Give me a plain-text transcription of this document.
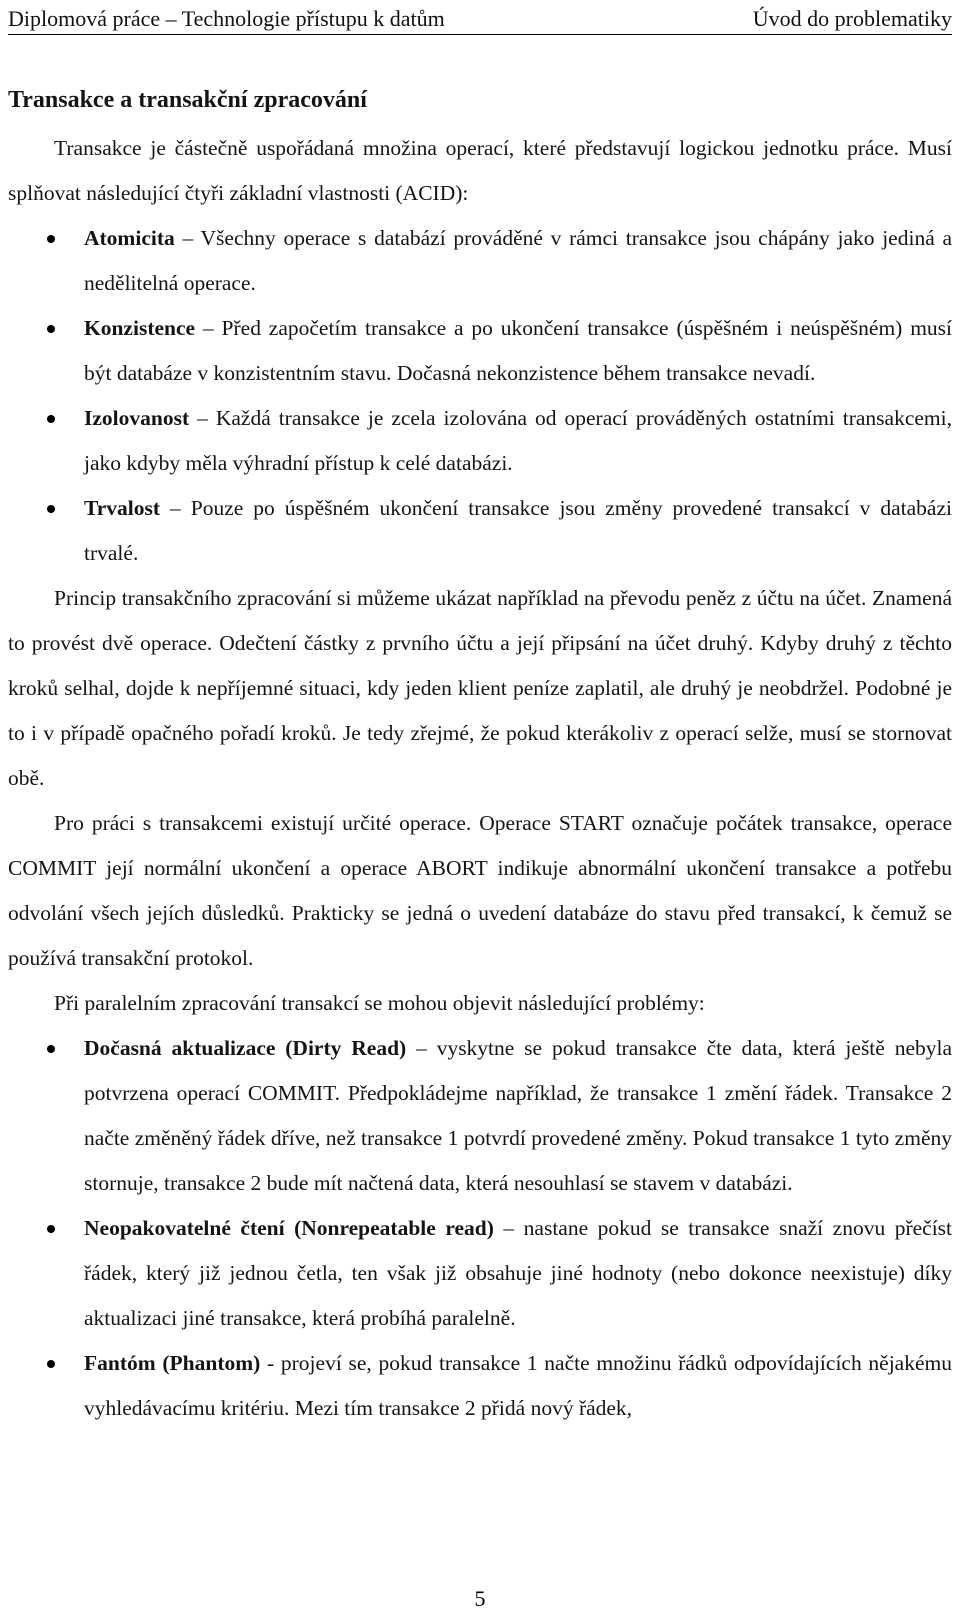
Diplomová práce – Technologie přístupu k datům	Úvod do problematiky
Transakce a transakční zpracování

Transakce je částečně uspořádaná množina operací, které představují logickou jednotku práce. Musí splňovat následující čtyři základní vlastnosti (ACID):

Atomicita – Všechny operace s databází prováděné v rámci transakce jsou chápány jako jediná a nedělitelná operace.
Konzistence – Před započetím transakce a po ukončení transakce (úspěšném i neúspěšném) musí být databáze v konzistentním stavu. Dočasná nekonzistence během transakce nevadí.
Izolovanost – Každá transakce je zcela izolována od operací prováděných ostatními transakcemi, jako kdyby měla výhradní přístup k celé databázi.
Trvalost – Pouze po úspěšném ukončení transakce jsou změny provedené transakcí v databázi trvalé.

Princip transakčního zpracování si můžeme ukázat například na převodu peněz z účtu na účet. Znamená to provést dvě operace. Odečtení částky z prvního účtu a její připsání na účet druhý. Kdyby druhý z těchto kroků selhal, dojde k nepříjemné situaci, kdy jeden klient peníze zaplatil, ale druhý je neobdržel. Podobné je to i v případě opačného pořadí kroků. Je tedy zřejmé, že pokud kterákoliv z operací selže, musí se stornovat obě.

Pro práci s transakcemi existují určité operace. Operace START označuje počátek transakce, operace COMMIT její normální ukončení a operace ABORT indikuje abnormální ukončení transakce a potřebu odvolání všech jejích důsledků. Prakticky se jedná o uvedení databáze do stavu před transakcí, k čemuž se používá transakční protokol.

Při paralelním zpracování transakcí se mohou objevit následující problémy:

Dočasná aktualizace (Dirty Read) – vyskytne se pokud transakce čte data, která ještě nebyla potvrzena operací COMMIT. Předpokládejme například, že transakce 1 změní řádek. Transakce 2 načte změněný řádek dříve, než transakce 1 potvrdí provedené změny. Pokud transakce 1 tyto změny stornuje, transakce 2 bude mít načtená data, která nesouhlasí se stavem v databázi.
Neopakovatelné čtení (Nonrepeatable read) – nastane pokud se transakce snaží znovu přečíst řádek, který již jednou četla, ten však již obsahuje jiné hodnoty (nebo dokonce neexistuje) díky aktualizaci jiné transakce, která probíhá paralelně.
Fantóm (Phantom) - projeví se, pokud transakce 1 načte množinu řádků odpovídajících nějakému vyhledávacímu kritériu. Mezi tím transakce 2 přidá nový řádek,
5
